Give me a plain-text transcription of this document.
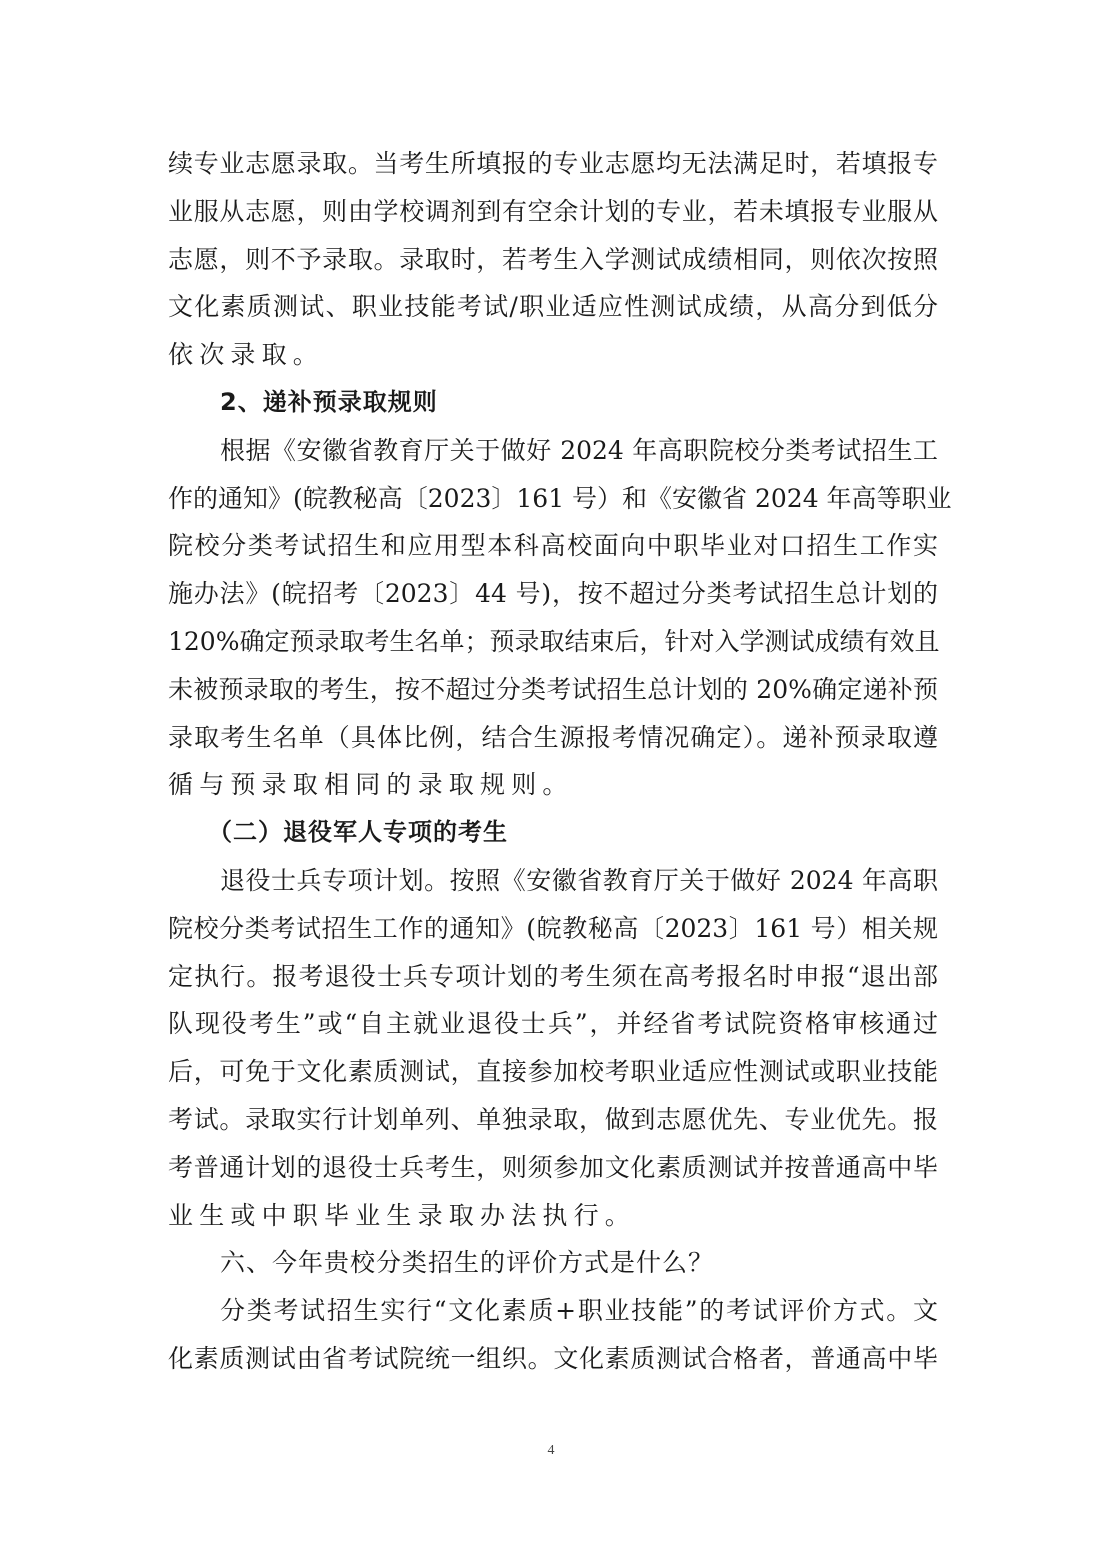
续专业志愿录取。当考生所填报的专业志愿均无法满足时，若填报专
业服从志愿，则由学校调剂到有空余计划的专业，若未填报专业服从
志愿，则不予录取。录取时，若考生入学测试成绩相同，则依次按照
文化素质测试、职业技能考试/职业适应性测试成绩，从高分到低分
依次录取。
2、递补预录取规则
根据《安徽省教育厅关于做好 2024 年高职院校分类考试招生工
作的通知》(皖教秘高〔2023〕161 号）和《安徽省 2024 年高等职业
院校分类考试招生和应用型本科高校面向中职毕业对口招生工作实
施办法》(皖招考〔2023〕44 号)，按不超过分类考试招生总计划的
120%确定预录取考生名单；预录取结束后，针对入学测试成绩有效且
未被预录取的考生，按不超过分类考试招生总计划的 20%确定递补预
录取考生名单（具体比例，结合生源报考情况确定）。递补预录取遵
循与预录取相同的录取规则。
（二）退役军人专项的考生
退役士兵专项计划。按照《安徽省教育厅关于做好 2024 年高职
院校分类考试招生工作的通知》(皖教秘高〔2023〕161 号）相关规
定执行。报考退役士兵专项计划的考生须在高考报名时申报“退出部
队现役考生”或“自主就业退役士兵”，并经省考试院资格审核通过
后，可免于文化素质测试，直接参加校考职业适应性测试或职业技能
考试。录取实行计划单列、单独录取，做到志愿优先、专业优先。报
考普通计划的退役士兵考生，则须参加文化素质测试并按普通高中毕
业生或中职毕业生录取办法执行。
六、今年贵校分类招生的评价方式是什么？
分类考试招生实行“文化素质+职业技能”的考试评价方式。文
化素质测试由省考试院统一组织。文化素质测试合格者，普通高中毕
4
